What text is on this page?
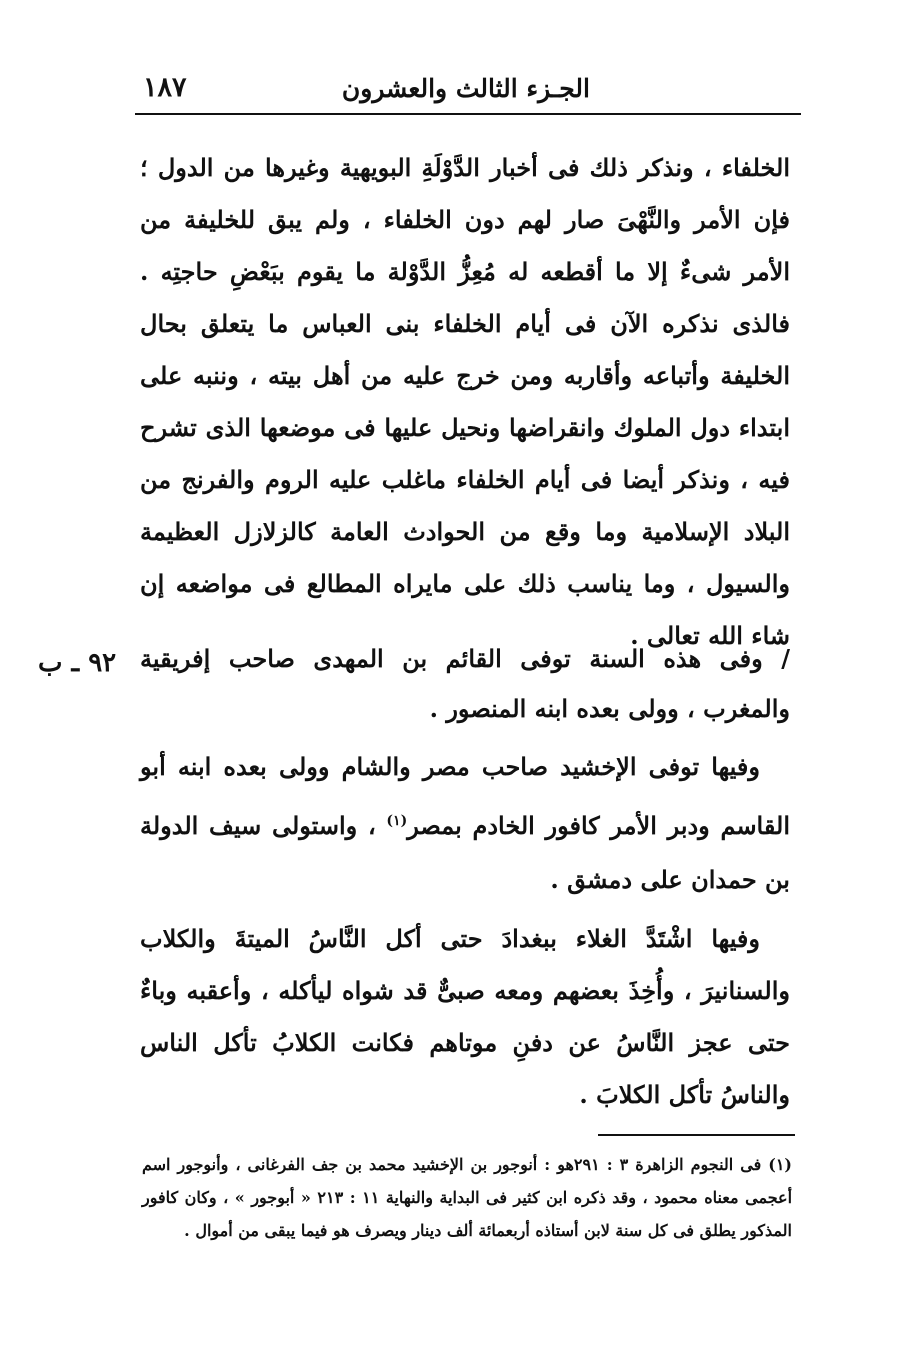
الجـزء الثالث والعشرون
١٨٧
الخلفاء ، ونذكر ذلك فى أخبار الدَّوْلَةِ البويهية وغيرها من الدول ؛ فإن الأمر والنَّهْىَ صار لهم دون الخلفاء ، ولم يبق للخليفة من الأمر شىءٌ إلا ما أقطعه له مُعِزُّ الدَّوْلة ما يقوم ببَعْضِ حاجتِه . فالذى نذكره الآن فى أيام الخلفاء بنى العباس ما يتعلق بحال الخليفة وأتباعه وأقاربه ومن خرج عليه من أهل بيته ، وننبه على ابتداء دول الملوك وانقراضها ونحيل عليها فى موضعها الذى تشرح فيه ، ونذكر أيضا فى أيام الخلفاء ماغلب عليه الروم والفرنج من البلاد الإسلامية وما وقع من الحوادث العامة كالزلازل العظيمة والسيول ، وما يناسب ذلك على مايراه المطالع فى مواضعه إن شاء الله تعالى .
٩٢ ـ ب / وفى هذه السنة توفى القائم بن المهدى صاحب إفريقية والمغرب ، وولى بعده ابنه المنصور .
وفيها توفى الإخشيد صاحب مصر والشام وولى بعده ابنه أبو القاسم ودبر الأمر كافور الخادم بمصر$^{(١)}$ ، واستولى سيف الدولة بن حمدان على دمشق .
وفيها اشْتَدَّ الغلاء ببغدادَ حتى أكل النَّاسُ الميتةَ والكلاب والسنانيرَ ، وأُخِذَ بعضهم ومعه صبىٌّ قد شواه ليأكله ، وأعقبه وباءٌ حتى عجز النَّاسُ عن دفنِ موتاهم فكانت الكلابُ تأكل الناس والناسُ تأكل الكلابَ .
(١) فى النجوم الزاهرة ٣ : ٢٩١هو : أنوجور بن الإخشيد محمد بن جف الفرغانى ، وأنوجور اسم أعجمى معناه محمود ، وقد ذكره ابن كثير فى البداية والنهاية ١١ : ٢١٣ « أبوجور » ، وكان كافور المذكور يطلق فى كل سنة لابن أستاذه أربعمائة ألف دينار ويصرف هو فيما يبقى من أموال .
